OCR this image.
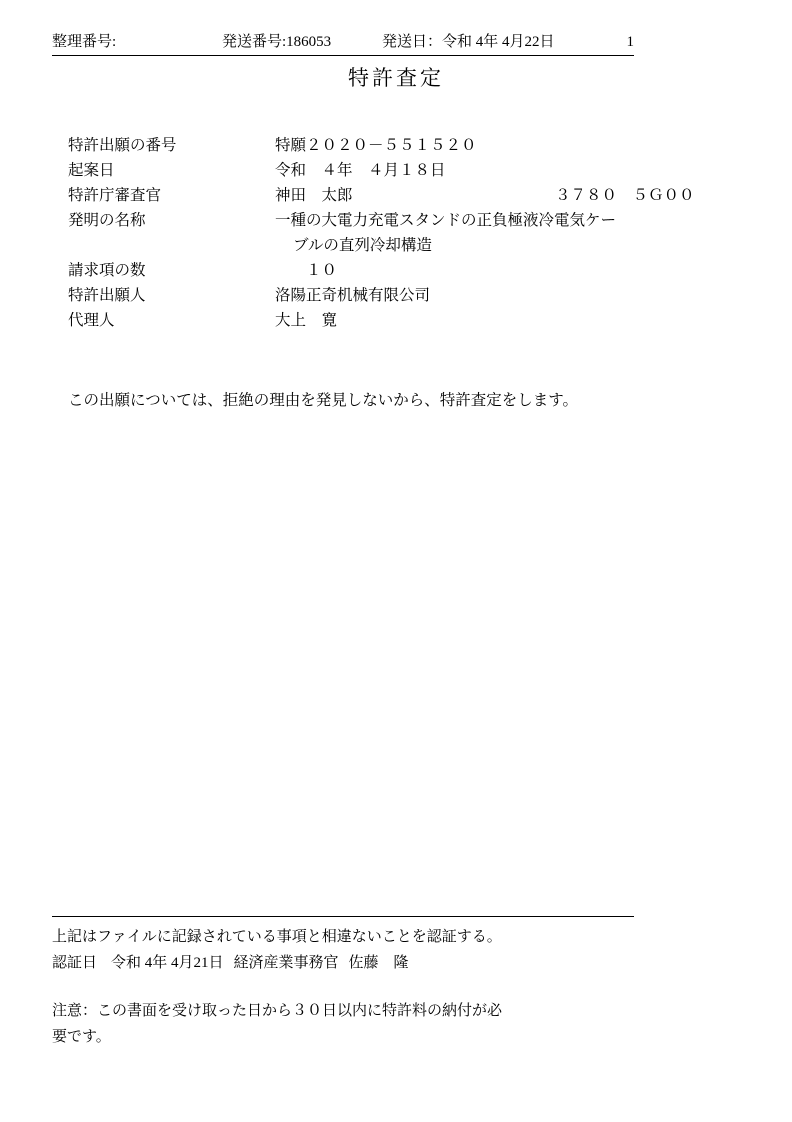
整理番号:	発送番号:186053	発送日：令和 4年 4月22日	1
特許査定
特許出願の番号	特願２０２０－５５１５２０
起案日	令和　４年　４月１８日
特許庁審査官	神田　太郎	３７８０　５Ｇ００
発明の名称	一種の大電力充電スタンドの正負極液冷電気ケー
ブルの直列冷却構造
請求項の数	　　１０
特許出願人	洛陽正奇机械有限公司
代理人	大上　寛
この出願については、拒絶の理由を発見しないから、特許査定をします。
上記はファイルに記録されている事項と相違ないことを認証する。
認証日 令和 4年 4月21日 経済産業事務官 佐藤　隆
注意：この書面を受け取った日から３０日以内に特許料の納付が必
要です。
